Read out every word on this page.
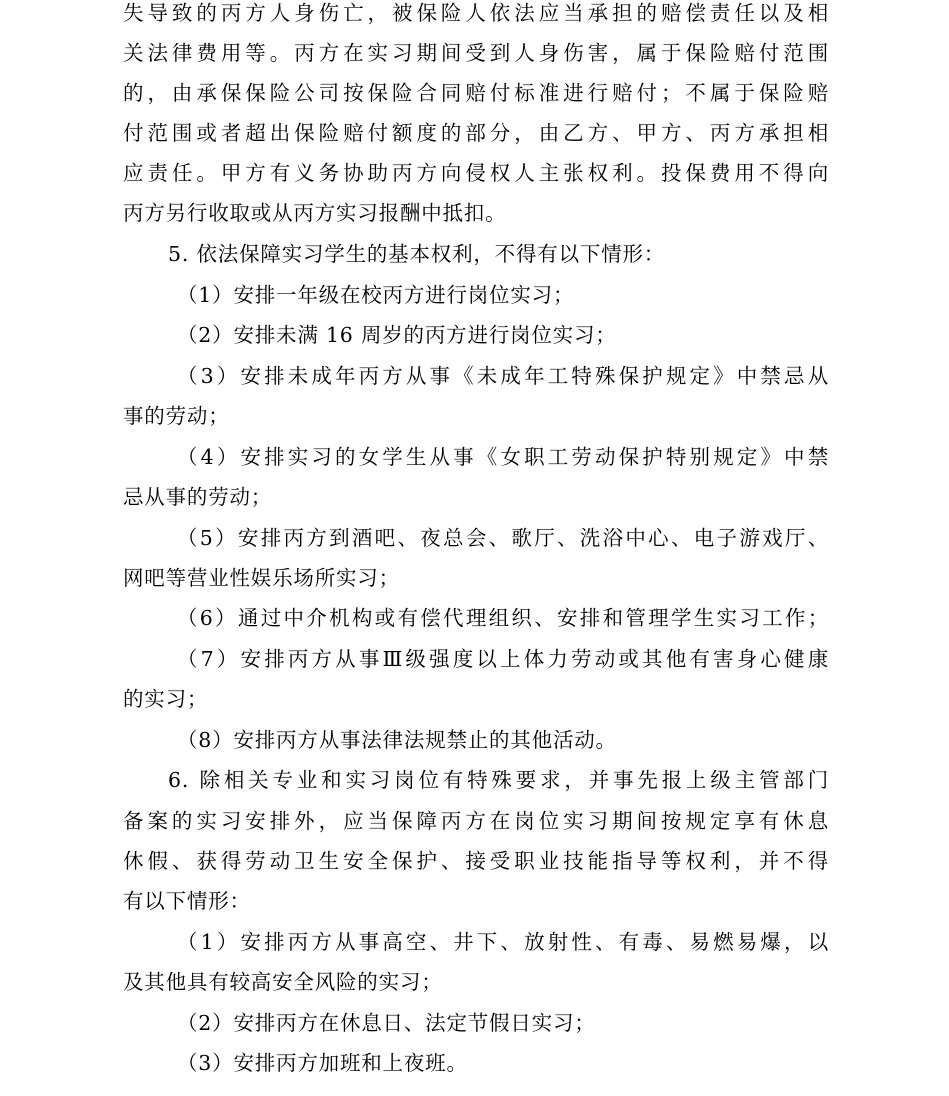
失导致的丙方人身伤亡，被保险人依法应当承担的赔偿责任以及相
关法律费用等。丙方在实习期间受到人身伤害，属于保险赔付范围
的，由承保保险公司按保险合同赔付标准进行赔付；不属于保险赔
付范围或者超出保险赔付额度的部分，由乙方、甲方、丙方承担相
应责任。甲方有义务协助丙方向侵权人主张权利。投保费用不得向
丙方另行收取或从丙方实习报酬中抵扣。
5. 依法保障实习学生的基本权利，不得有以下情形：
（1）安排一年级在校丙方进行岗位实习；
（2）安排未满 16 周岁的丙方进行岗位实习；
（3）安排未成年丙方从事《未成年工特殊保护规定》中禁忌从
事的劳动；
（4）安排实习的女学生从事《女职工劳动保护特别规定》中禁
忌从事的劳动；
（5）安排丙方到酒吧、夜总会、歌厅、洗浴中心、电子游戏厅、
网吧等营业性娱乐场所实习；
（6）通过中介机构或有偿代理组织、安排和管理学生实习工作；
（7）安排丙方从事Ⅲ级强度以上体力劳动或其他有害身心健康
的实习；
（8）安排丙方从事法律法规禁止的其他活动。
6. 除相关专业和实习岗位有特殊要求，并事先报上级主管部门
备案的实习安排外，应当保障丙方在岗位实习期间按规定享有休息
休假、获得劳动卫生安全保护、接受职业技能指导等权利，并不得
有以下情形：
（1）安排丙方从事高空、井下、放射性、有毒、易燃易爆，以
及其他具有较高安全风险的实习；
（2）安排丙方在休息日、法定节假日实习；
（3）安排丙方加班和上夜班。
